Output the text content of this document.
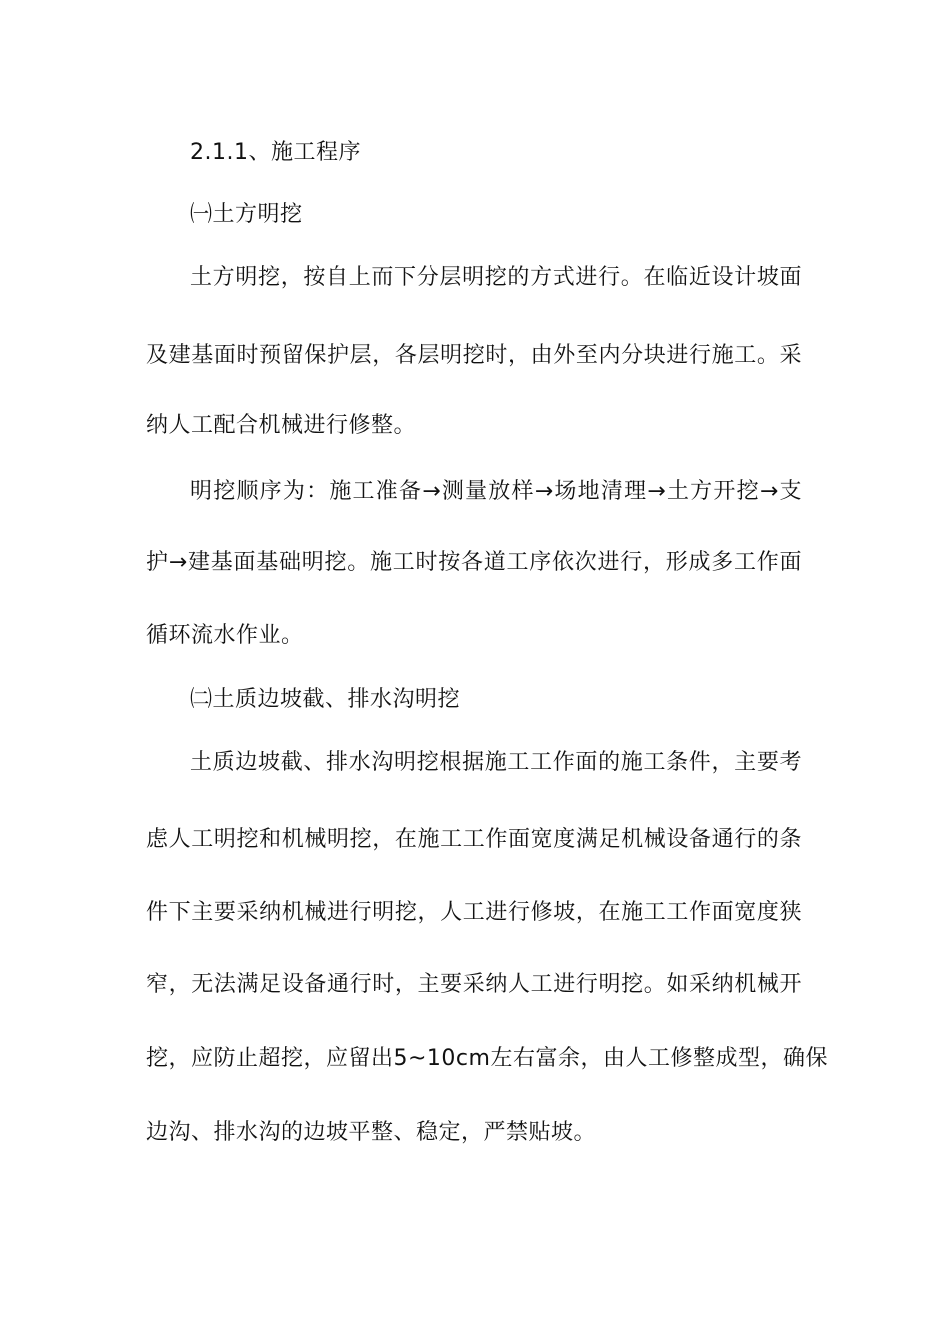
2.1.1、施工程序
㈠土方明挖
土方明挖，按自上而下分层明挖的方式进行。在临近设计坡面
及建基面时预留保护层，各层明挖时，由外至内分块进行施工。采
纳人工配合机械进行修整。
明挖顺序为：施工准备→测量放样→场地清理→土方开挖→支
护→建基面基础明挖。施工时按各道工序依次进行，形成多工作面
循环流水作业。
㈡土质边坡截、排水沟明挖
土质边坡截、排水沟明挖根据施工工作面的施工条件，主要考
虑人工明挖和机械明挖，在施工工作面宽度满足机械设备通行的条
件下主要采纳机械进行明挖，人工进行修坡，在施工工作面宽度狭
窄，无法满足设备通行时，主要采纳人工进行明挖。如采纳机械开
挖，应防止超挖，应留出5~10cm左右富余，由人工修整成型，确保
边沟、排水沟的边坡平整、稳定，严禁贴坡。
